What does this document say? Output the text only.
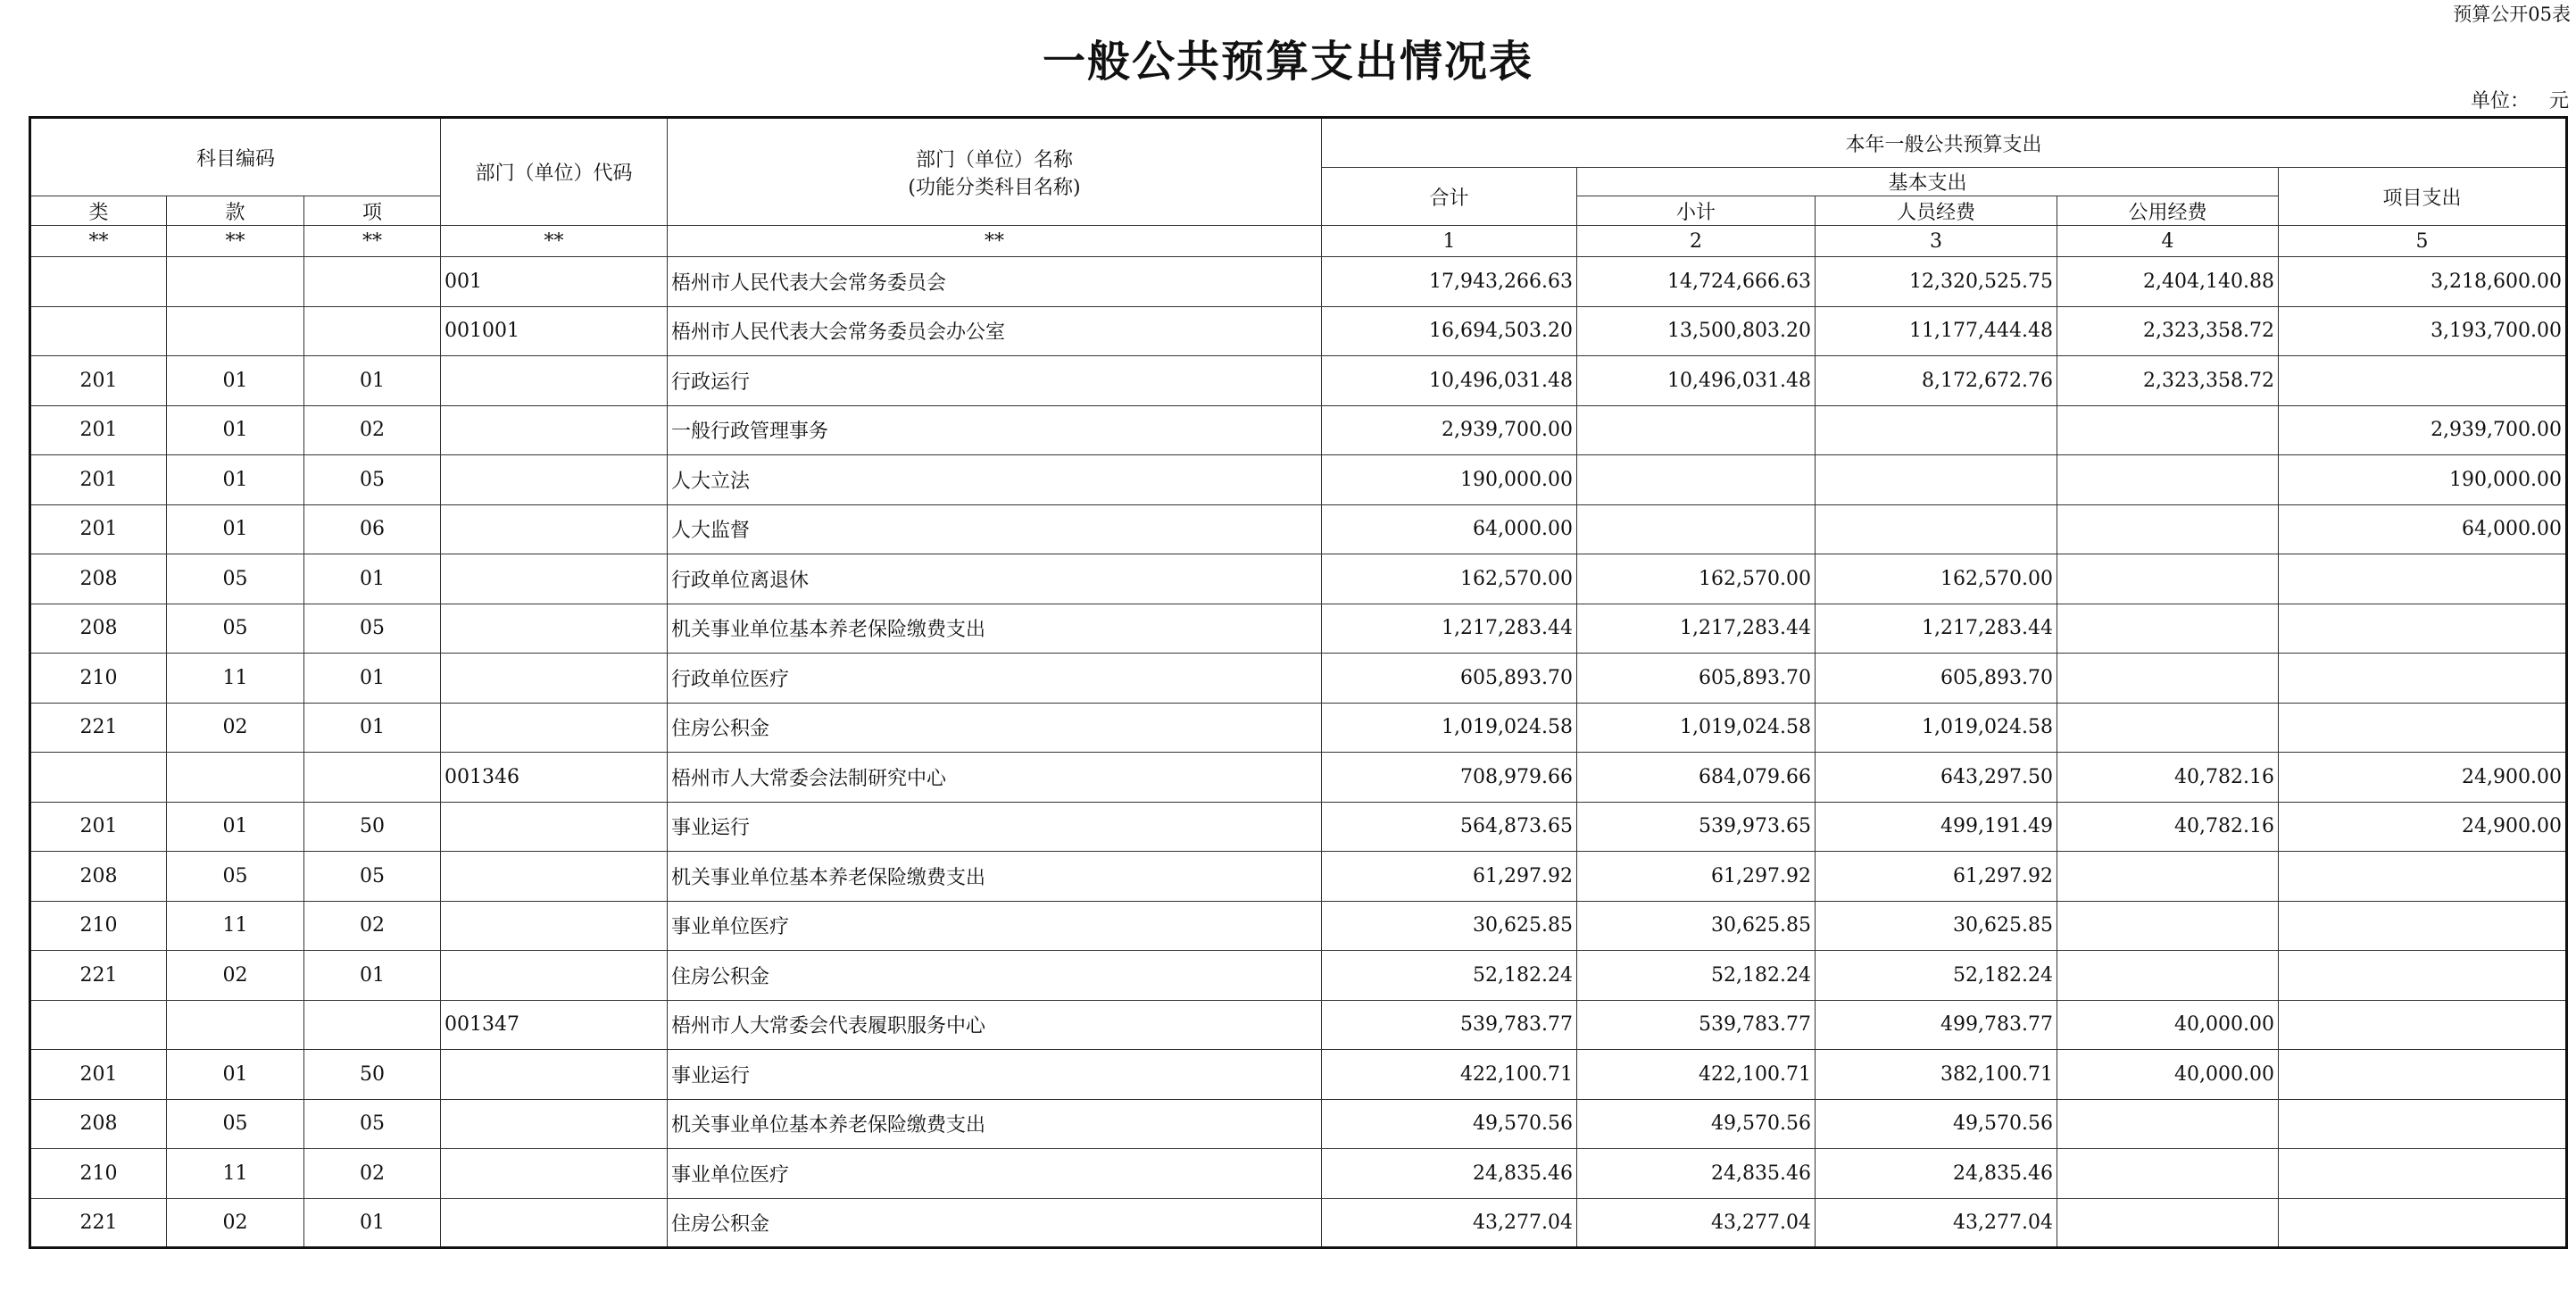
预算公开05表
一般公共预算支出情况表
单位： 元
科目编码			部门（单位）代码	部门（单位）名称
(功能分类科目名称)	本年一般公共预算支出				
					合计	基本支出			项目支出
类	款	项				小计	人员经费	公用经费	
**	**	**	**	**	1	2	3	4	5
			001	梧州市人民代表大会常务委员会	17,943,266.63	14,724,666.63	12,320,525.75	2,404,140.88	3,218,600.00
			001001	梧州市人民代表大会常务委员会办公室	16,694,503.20	13,500,803.20	11,177,444.48	2,323,358.72	3,193,700.00
201	01	01		行政运行	10,496,031.48	10,496,031.48	8,172,672.76	2,323,358.72	
201	01	02		一般行政管理事务	2,939,700.00				2,939,700.00
201	01	05		人大立法	190,000.00				190,000.00
201	01	06		人大监督	64,000.00				64,000.00
208	05	01		行政单位离退休	162,570.00	162,570.00	162,570.00		
208	05	05		机关事业单位基本养老保险缴费支出	1,217,283.44	1,217,283.44	1,217,283.44		
210	11	01		行政单位医疗	605,893.70	605,893.70	605,893.70		
221	02	01		住房公积金	1,019,024.58	1,019,024.58	1,019,024.58		
			001346	梧州市人大常委会法制研究中心	708,979.66	684,079.66	643,297.50	40,782.16	24,900.00
201	01	50		事业运行	564,873.65	539,973.65	499,191.49	40,782.16	24,900.00
208	05	05		机关事业单位基本养老保险缴费支出	61,297.92	61,297.92	61,297.92		
210	11	02		事业单位医疗	30,625.85	30,625.85	30,625.85		
221	02	01		住房公积金	52,182.24	52,182.24	52,182.24		
			001347	梧州市人大常委会代表履职服务中心	539,783.77	539,783.77	499,783.77	40,000.00	
201	01	50		事业运行	422,100.71	422,100.71	382,100.71	40,000.00	
208	05	05		机关事业单位基本养老保险缴费支出	49,570.56	49,570.56	49,570.56		
210	11	02		事业单位医疗	24,835.46	24,835.46	24,835.46		
221	02	01		住房公积金	43,277.04	43,277.04	43,277.04		
